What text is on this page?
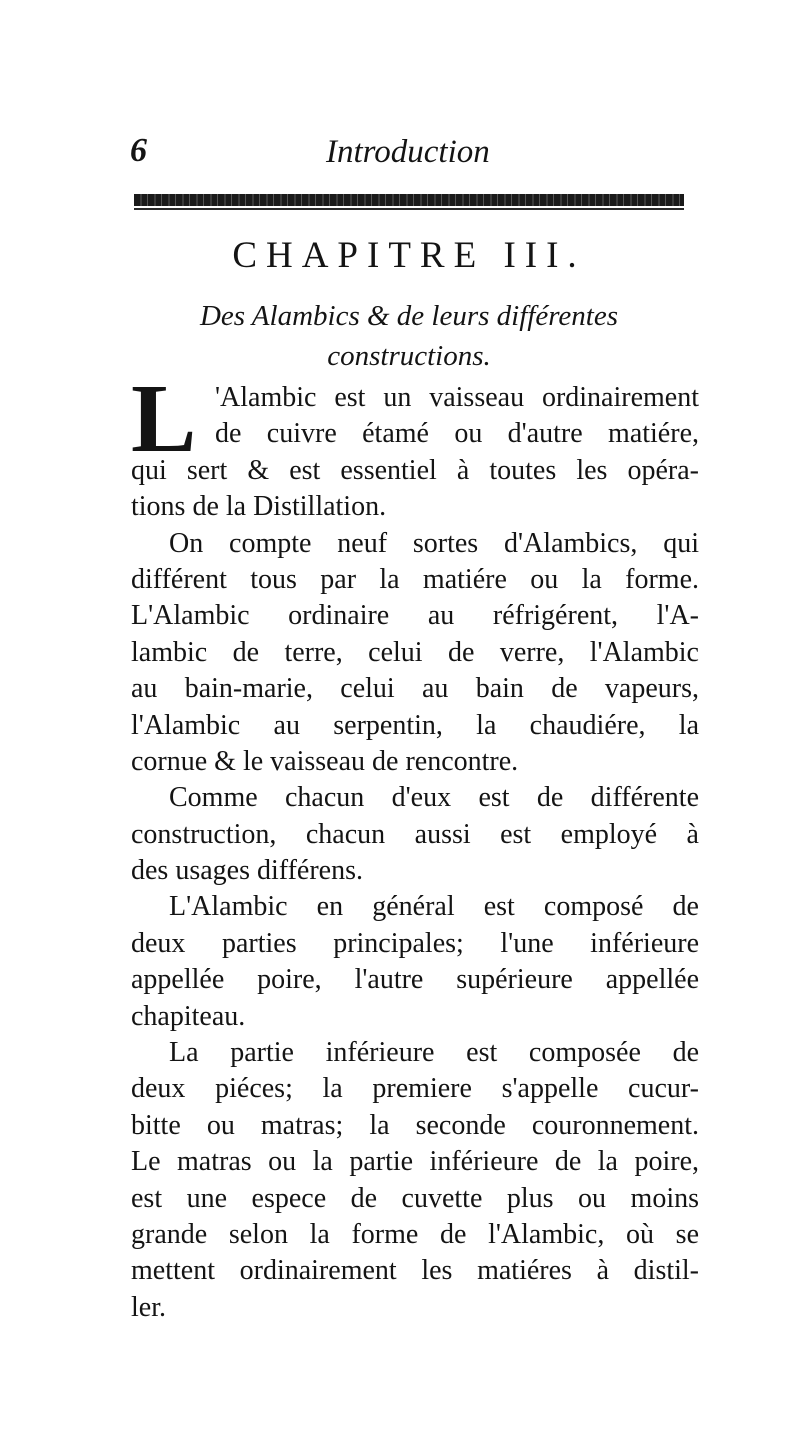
6	Introduction
CHAPITRE III.
Des Alambics & de leurs différentes
constructions.
L 'Alambic est un vaisseau ordinairement
de cuivre étamé ou d'autre matiére,
qui sert & est essentiel à toutes les opéra-
tions de la Distillation.
On compte neuf sortes d'Alambics, qui
différent tous par la matiére ou la forme.
L'Alambic ordinaire au réfrigérent, l'A-
lambic de terre, celui de verre, l'Alambic
au bain-marie, celui au bain de vapeurs,
l'Alambic au serpentin, la chaudiére, la
cornue & le vaisseau de rencontre.
Comme chacun d'eux est de différente
construction, chacun aussi est employé à
des usages différens.
L'Alambic en général est composé de
deux parties principales; l'une inférieure
appellée poire, l'autre supérieure appellée
chapiteau.
La partie inférieure est composée de
deux piéces; la premiere s'appelle cucur-
bitte ou matras; la seconde couronnement.
Le matras ou la partie inférieure de la poire,
est une espece de cuvette plus ou moins
grande selon la forme de l'Alambic, où se
mettent ordinairement les matiéres à distil-
ler.
